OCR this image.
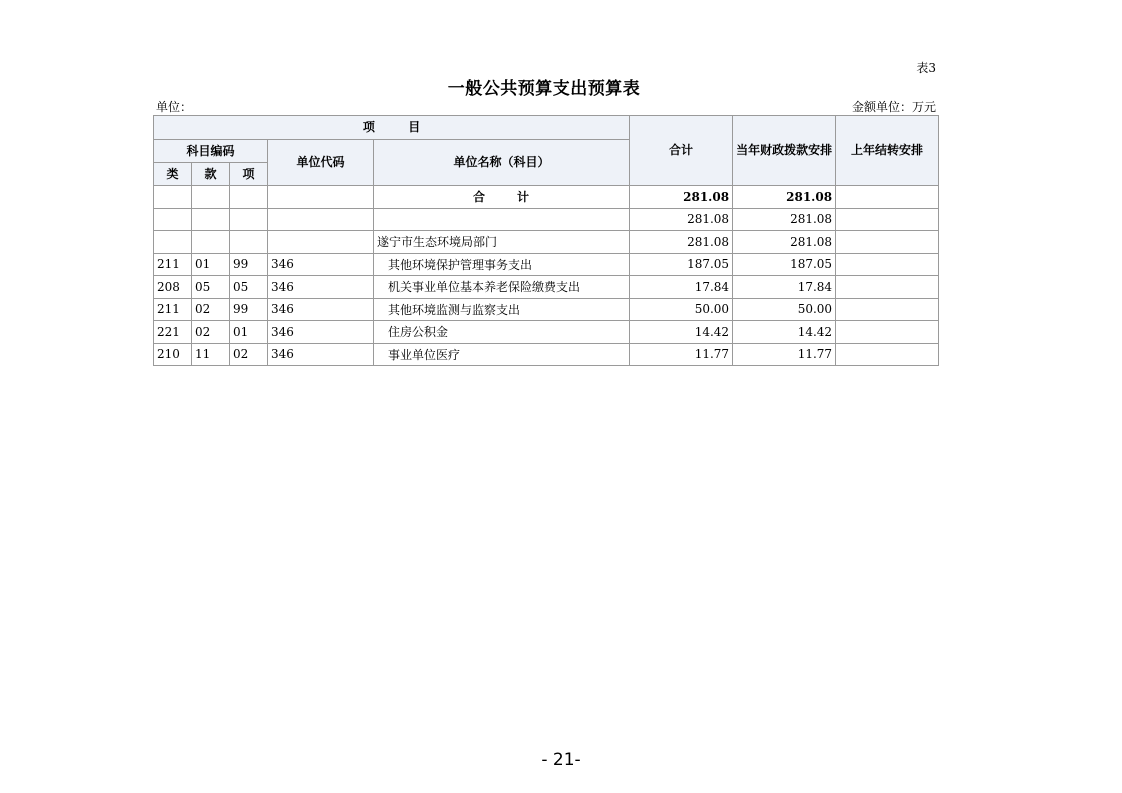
表3
一般公共预算支出预算表
单位：	金额单位：万元
项        目					合计	当年财政拨款安排	上年结转安排
科目编码			单位代码	单位名称（科目）			
类	款	项					
				合      计	281.08	281.08	
					281.08	281.08	
				遂宁市生态环境局部门	281.08	281.08	
211	01	99	346	其他环境保护管理事务支出	187.05	187.05	
208	05	05	346	机关事业单位基本养老保险缴费支出	17.84	17.84	
211	02	99	346	其他环境监测与监察支出	50.00	50.00	
221	02	01	346	住房公积金	14.42	14.42	
210	11	02	346	事业单位医疗	11.77	11.77	
- 21-
